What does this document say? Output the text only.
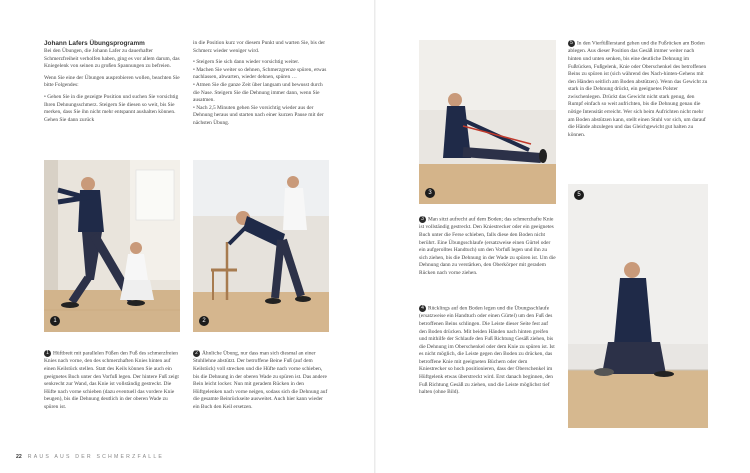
Johann Lafers Übungsprogramm

Bei den Übungen, die Johann Lafer zu dauerhafter Schmerzfreiheit verholfen haben, ging es vor allem darum, das Kniegelenk von seinen zu großen Spannungen zu befreien.

Wenn Sie eine der Übungen ausprobieren wollen, beachten Sie bitte Folgendes:

• Gehen Sie in die gezeigte Position und suchen Sie vorsichtig Ihren Dehnungsschmerz. Steigern Sie diesen so weit, bis Sie merken, dass Sie ihn nicht mehr entspannt aushalten können. Gehen Sie dann zurück

in die Position kurz vor diesem Punkt und warten Sie, bis der Schmerz wieder weniger wird.

• Steigern Sie sich dann wieder vorsichtig weiter.

• Machen Sie weiter so dehnen, Schmerzgrenze spüren, etwas nachlassen, abwarten, wieder dehnen, spüren …

• Atmen Sie die ganze Zeit über langsam und bewusst durch die Nase. Steigern Sie die Dehnung immer dann, wenn Sie ausatmen.

• Nach 2,5 Minuten gehen Sie vorsichtig wieder aus der Dehnung heraus und starten nach einer kurzen Pause mit der nächsten Übung.

1	2

1 Hüftbreit mit parallelen Füßen den Fuß des schmerzfreien Knies nach vorne, den des schmerzhaften Knies hinten auf einen Keilstück stellen. Statt des Keils können Sie auch ein geeignetes Buch unter den Vorfuß legen. Der hintere Fuß zeigt senkrecht zur Wand, das Knie ist vollständig gestreckt. Die Hüfte nach vorne schieben (dazu eventuell das vordere Knie beugen), bis die Dehnung deutlich in der oberen Wade zu spüren ist.

2 Ähnliche Übung, nur dass man sich diesmal an einer Stuhllehne abstützt. Der betroffene Beine Fuß (auf dem Keilstück) voll strecken und die Hüfte nach vorne schieben, bis die Dehnung in der oberen Wade zu spüren ist. Das andere Bein leicht locker. Nun mit geradem Rücken in den Hüftgelenken nach vorne neigen, sodass sich die Dehnung auf die gesamte Beinrückseite ausweitet. Auch hier kann wieder ein Buch den Keil ersetzen.

22 RAUS AUS DER SCHMERZFALLE
3

3 Man sitzt aufrecht auf dem Boden; das schmerzhafte Knie ist vollständig gestreckt. Den Kniestrecker oder ein geeignetes Buch unter die Ferse schieben, falls diese den Boden nicht berührt. Eine Übungsschlaufe (ersatzweise einen Gürtel oder ein aufgerolltes Handtuch) um den Vorfuß legen und ihn zu sich ziehen, bis die Dehnung in der Wade zu spüren ist. Um die Dehnung dann zu verstärken, den Oberkörper mit geradem Rücken nach vorne ziehen.

4 Rücklings auf den Boden legen und die Übungsschlaufe (ersatzweise ein Handtuch oder einen Gürtel) um den Fuß des betroffenen Beins schlingen. Die Leiste dieser Seite fest auf den Boden drücken. Mit beiden Händen nach hinten greifen und mithilfe der Schlaufe den Fuß Richtung Gesäß ziehen, bis die Dehnung im Oberschenkel oder dem Knie zu spüren ist. Ist es nicht möglich, die Leiste gegen den Boden zu drücken, das betroffene Knie mit geeigneten Büchern oder dem Kniestrecker so hoch positionieren, dass der Oberschenkel im Hüftgelenk etwas überstreckt wird. Erst danach beginnen, den Fuß Richtung Gesäß zu ziehen, und die Leiste möglichst tief halten (ohne Bild).

5 In den Vierfüßlerstand gehen und die Fußrücken am Boden ablegen. Aus dieser Position das Gesäß immer weiter nach hinten und unten senken, bis eine deutliche Dehnung im Fußrücken, Fußgelenk, Knie oder Oberschenkel des betroffenen Beins zu spüren ist (sich während des Nach-hinten-Gehens mit den Händen seitlich am Boden abstützen). Wenn das Gewicht zu stark in die Dehnung drückt, ein geeignetes Polster zwischenlegen. Drückt das Gewicht nicht stark genug, den Rumpf einfach so weit aufrichten, bis die Dehnung genau die nötige Intensität erreicht. Wer sich beim Aufrichten nicht mehr am Boden abstützen kann, stellt einen Stuhl vor sich, um darauf die Hände abzulegen und das Gleichgewicht gut halten zu können.

5
